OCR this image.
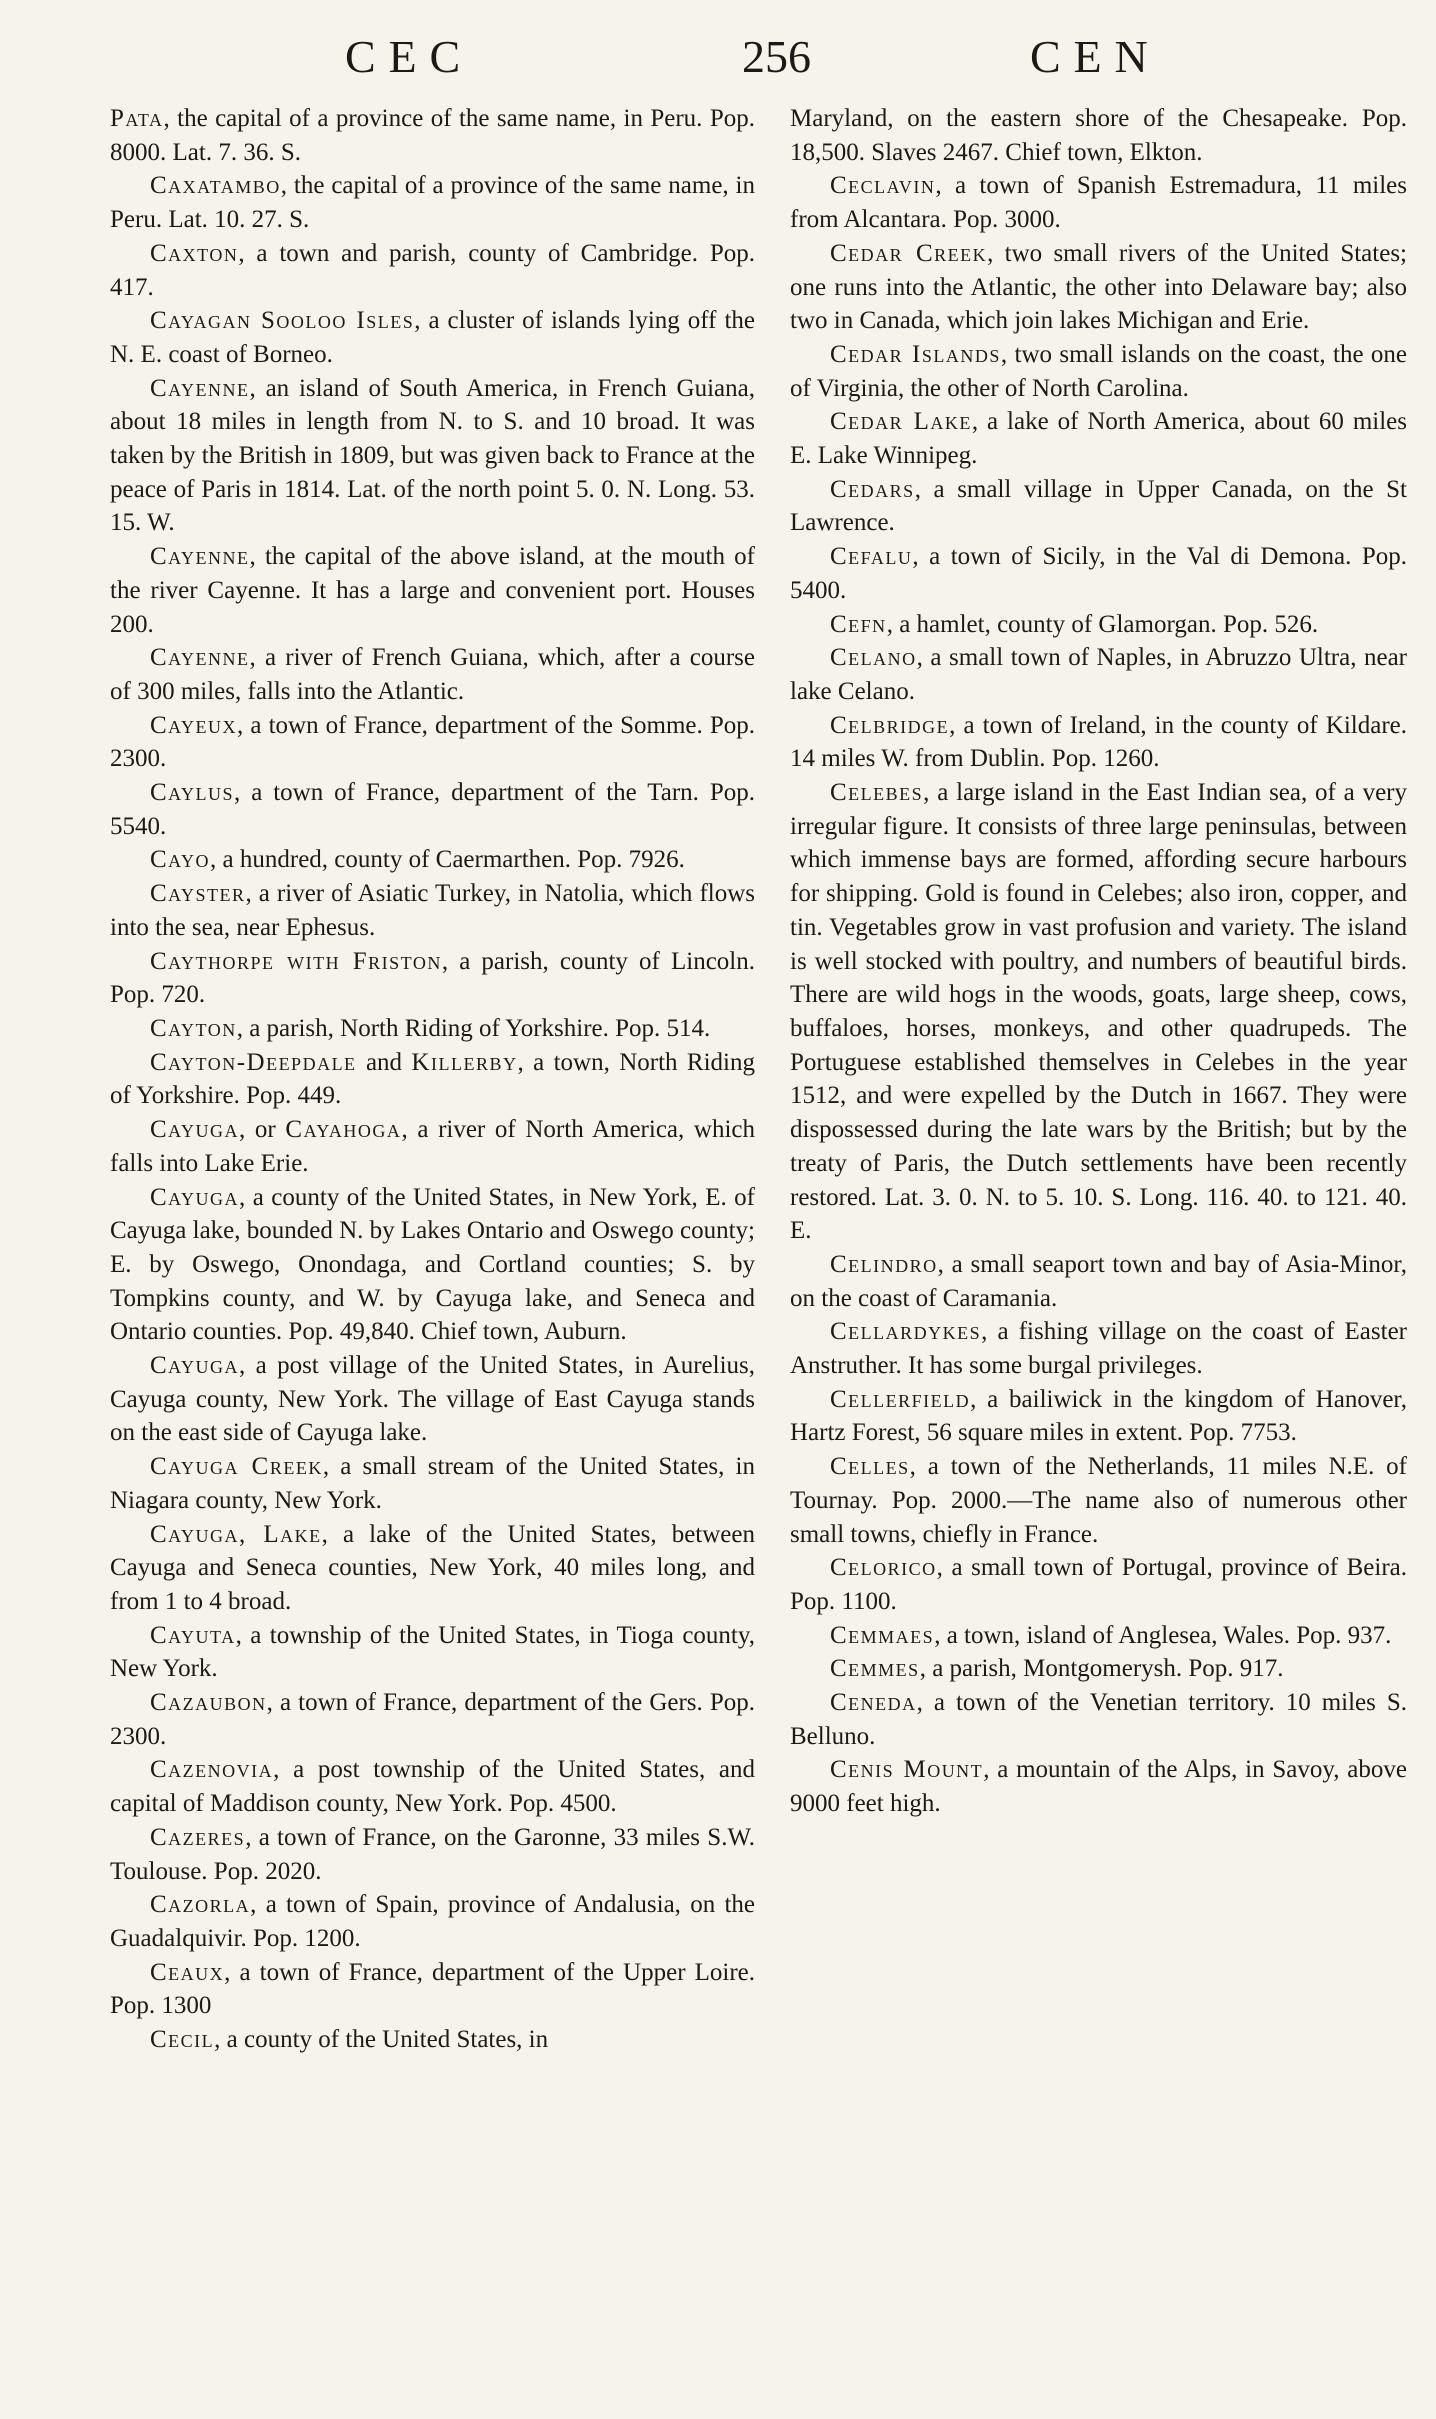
CEC	256	CEN

Pata, the capital of a province of the same name, in Peru. Pop. 8000. Lat. 7. 36. S.

Caxatambo, the capital of a province of the same name, in Peru. Lat. 10. 27. S.

Caxton, a town and parish, county of Cambridge. Pop. 417.

Cayagan Sooloo Isles, a cluster of islands lying off the N. E. coast of Borneo.

Cayenne, an island of South America, in French Guiana, about 18 miles in length from N. to S. and 10 broad. It was taken by the British in 1809, but was given back to France at the peace of Paris in 1814. Lat. of the north point 5. 0. N. Long. 53. 15. W.

Cayenne, the capital of the above island, at the mouth of the river Cayenne. It has a large and convenient port. Houses 200.

Cayenne, a river of French Guiana, which, after a course of 300 miles, falls into the Atlantic.

Cayeux, a town of France, department of the Somme. Pop. 2300.

Caylus, a town of France, department of the Tarn. Pop. 5540.

Cayo, a hundred, county of Caermarthen. Pop. 7926.

Cayster, a river of Asiatic Turkey, in Natolia, which flows into the sea, near Ephesus.

Caythorpe with Friston, a parish, county of Lincoln. Pop. 720.

Cayton, a parish, North Riding of Yorkshire. Pop. 514.

Cayton-Deepdale and Killerby, a town, North Riding of Yorkshire. Pop. 449.

Cayuga, or Cayahoga, a river of North America, which falls into Lake Erie.

Cayuga, a county of the United States, in New York, E. of Cayuga lake, bounded N. by Lakes Ontario and Oswego county; E. by Oswego, Onondaga, and Cortland counties; S. by Tompkins county, and W. by Cayuga lake, and Seneca and Ontario counties. Pop. 49,840. Chief town, Auburn.

Cayuga, a post village of the United States, in Aurelius, Cayuga county, New York. The village of East Cayuga stands on the east side of Cayuga lake.

Cayuga Creek, a small stream of the United States, in Niagara county, New York.

Cayuga, Lake, a lake of the United States, between Cayuga and Seneca counties, New York, 40 miles long, and from 1 to 4 broad.

Cayuta, a township of the United States, in Tioga county, New York.

Cazaubon, a town of France, department of the Gers. Pop. 2300.

Cazenovia, a post township of the United States, and capital of Maddison county, New York. Pop. 4500.

Cazeres, a town of France, on the Garonne, 33 miles S.W. Toulouse. Pop. 2020.

Cazorla, a town of Spain, province of Andalusia, on the Guadalquivir. Pop. 1200.

Ceaux, a town of France, department of the Upper Loire. Pop. 1300

Cecil, a county of the United States, in

Maryland, on the eastern shore of the Chesapeake. Pop. 18,500. Slaves 2467. Chief town, Elkton.

Ceclavin, a town of Spanish Estremadura, 11 miles from Alcantara. Pop. 3000.

Cedar Creek, two small rivers of the United States; one runs into the Atlantic, the other into Delaware bay; also two in Canada, which join lakes Michigan and Erie.

Cedar Islands, two small islands on the coast, the one of Virginia, the other of North Carolina.

Cedar Lake, a lake of North America, about 60 miles E. Lake Winnipeg.

Cedars, a small village in Upper Canada, on the St Lawrence.

Cefalu, a town of Sicily, in the Val di Demona. Pop. 5400.

Cefn, a hamlet, county of Glamorgan. Pop. 526.

Celano, a small town of Naples, in Abruzzo Ultra, near lake Celano.

Celbridge, a town of Ireland, in the county of Kildare. 14 miles W. from Dublin. Pop. 1260.

Celebes, a large island in the East Indian sea, of a very irregular figure. It consists of three large peninsulas, between which immense bays are formed, affording secure harbours for shipping. Gold is found in Celebes; also iron, copper, and tin. Vegetables grow in vast profusion and variety. The island is well stocked with poultry, and numbers of beautiful birds. There are wild hogs in the woods, goats, large sheep, cows, buffaloes, horses, monkeys, and other quadrupeds. The Portuguese established themselves in Celebes in the year 1512, and were expelled by the Dutch in 1667. They were dispossessed during the late wars by the British; but by the treaty of Paris, the Dutch settlements have been recently restored. Lat. 3. 0. N. to 5. 10. S. Long. 116. 40. to 121. 40. E.

Celindro, a small seaport town and bay of Asia-Minor, on the coast of Caramania.

Cellardykes, a fishing village on the coast of Easter Anstruther. It has some burgal privileges.

Cellerfield, a bailiwick in the kingdom of Hanover, Hartz Forest, 56 square miles in extent. Pop. 7753.

Celles, a town of the Netherlands, 11 miles N.E. of Tournay. Pop. 2000.—The name also of numerous other small towns, chiefly in France.

Celorico, a small town of Portugal, province of Beira. Pop. 1100.

Cemmaes, a town, island of Anglesea, Wales. Pop. 937.

Cemmes, a parish, Montgomerysh. Pop. 917.

Ceneda, a town of the Venetian territory. 10 miles S. Belluno.

Cenis Mount, a mountain of the Alps, in Savoy, above 9000 feet high.
